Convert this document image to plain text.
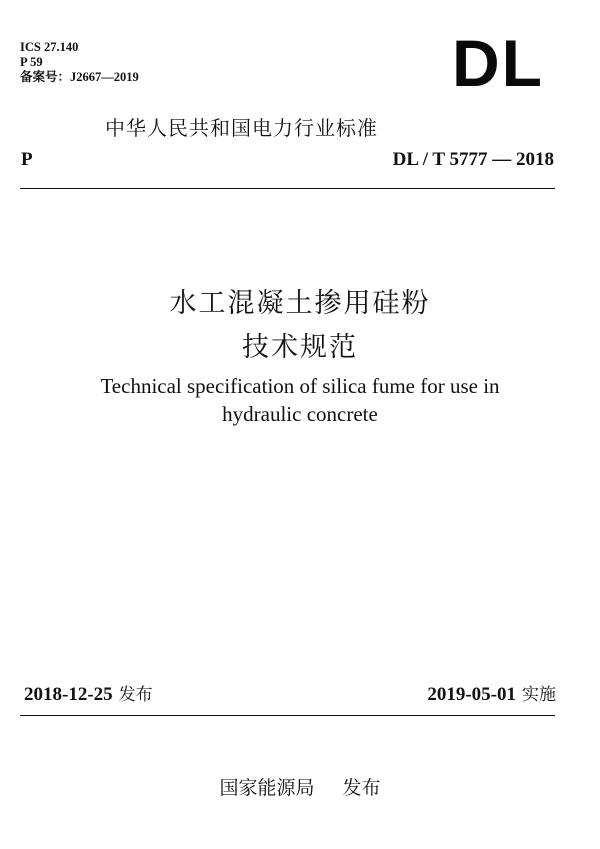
ICS 27.140
P 59
备案号：J2667—2019	DL
中华人民共和国电力行业标准
P	DL / T 5777 — 2018
水工混凝土掺用硅粉
技术规范
Technical specification of silica fume for use in
hydraulic concrete
2018-12-25 发布	2019-05-01 实施
国家能源局 发布
